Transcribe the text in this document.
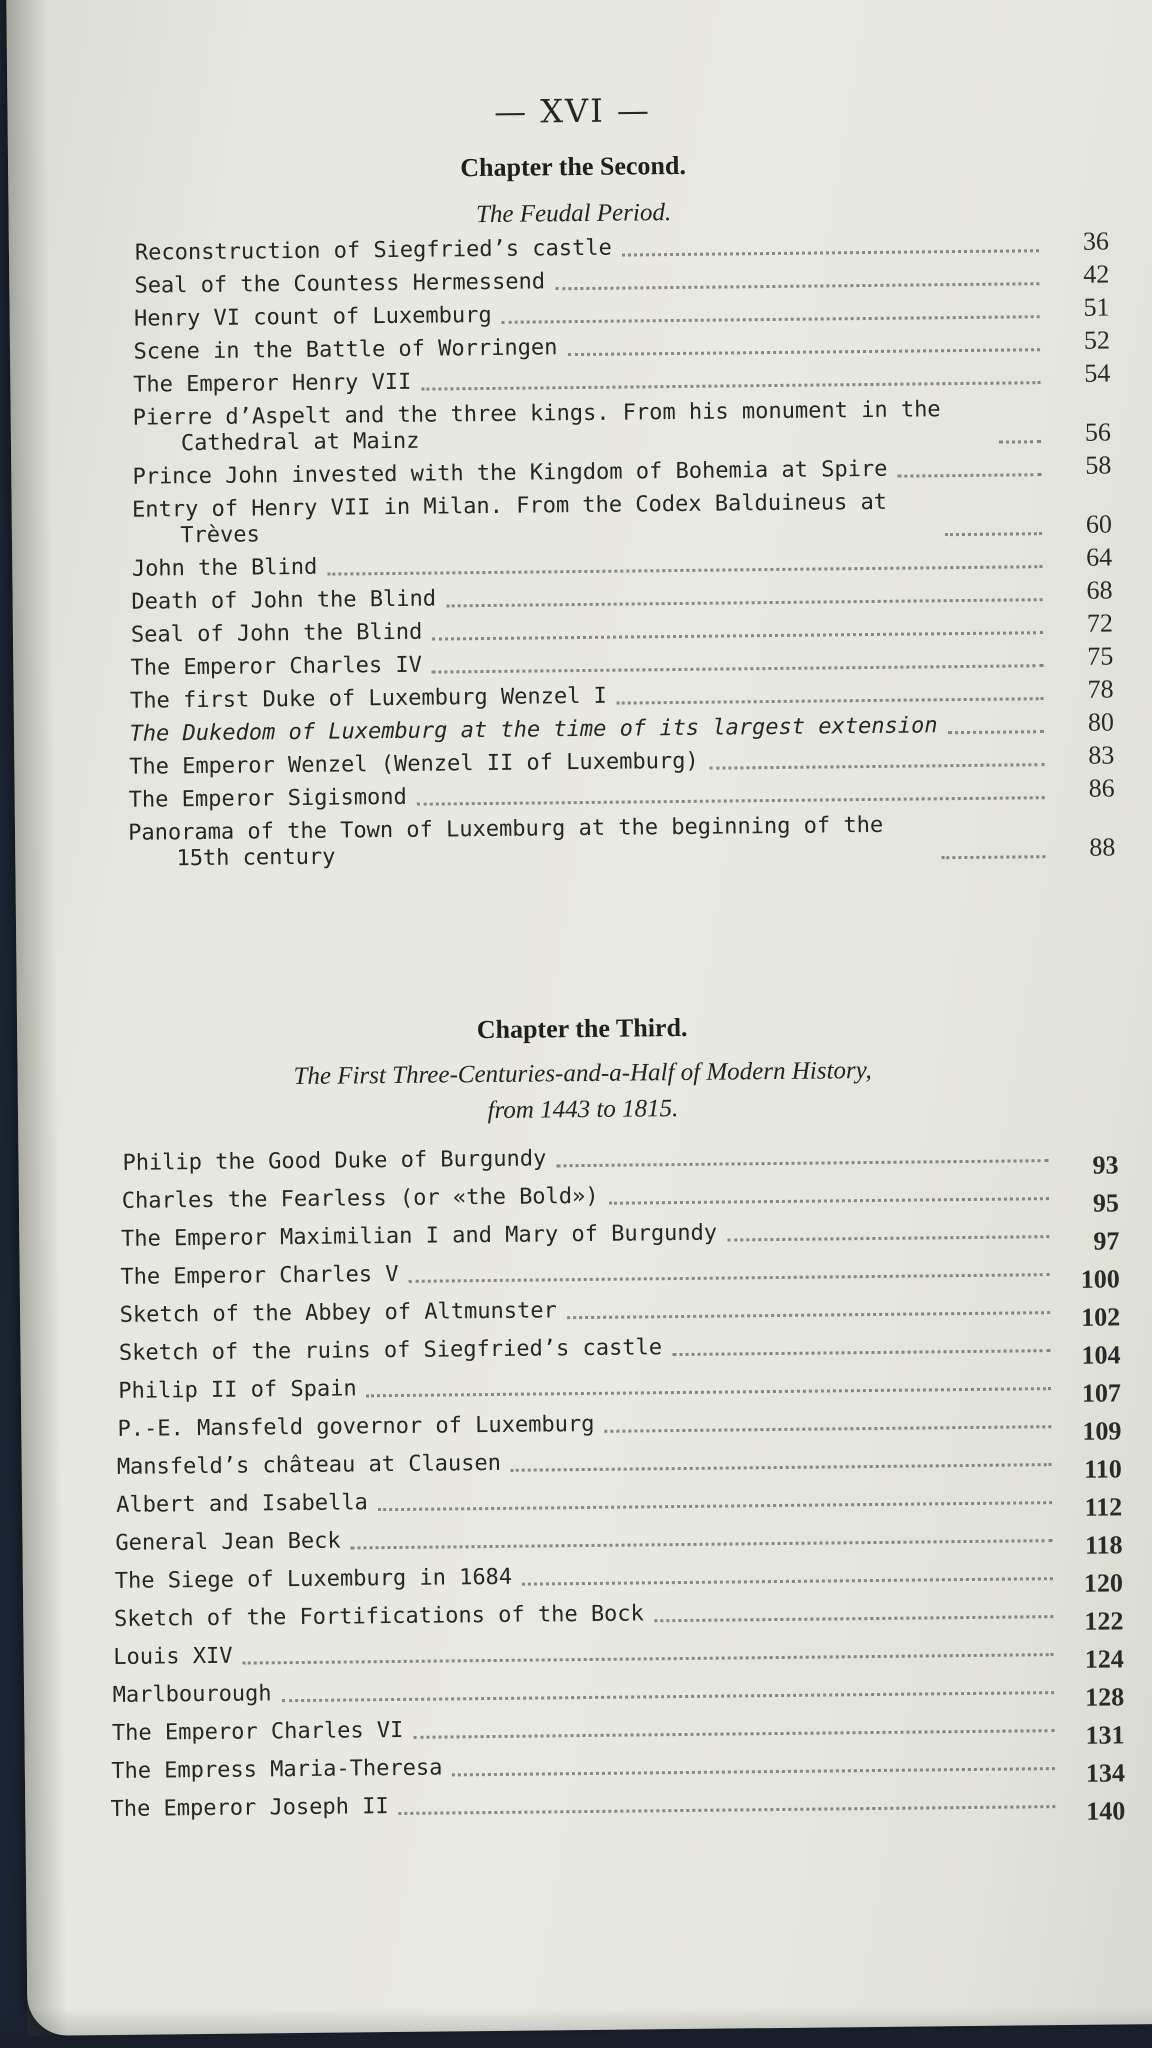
— XVI —
Chapter the Second.
The Feudal Period.
Reconstruction of Siegfried’s castle	36
Seal of the Countess Hermessend	42
Henry VI count of Luxemburg	51
Scene in the Battle of Worringen	52
The Emperor Henry VII	54
Pierre d’Aspelt and the three kings. From his monument in the
Cathedral at Mainz	56
Prince John invested with the Kingdom of Bohemia at Spire	58
Entry of Henry VII in Milan. From the Codex Balduineus at
Trèves	60
John the Blind	64
Death of John the Blind	68
Seal of John the Blind	72
The Emperor Charles IV	75
The first Duke of Luxemburg Wenzel I	78
The Dukedom of Luxemburg at the time of its largest extension	80
The Emperor Wenzel (Wenzel II of Luxemburg)	83
The Emperor Sigismond	86
Panorama of the Town of Luxemburg at the beginning of the
15th century	88
Chapter the Third.
The First Three-Centuries-and-a-Half of Modern History,
from 1443 to 1815.
Philip the Good Duke of Burgundy	93
Charles the Fearless (or «the Bold»)	95
The Emperor Maximilian I and Mary of Burgundy	97
The Emperor Charles V	100
Sketch of the Abbey of Altmunster	102
Sketch of the ruins of Siegfried’s castle	104
Philip II of Spain	107
P.-E. Mansfeld governor of Luxemburg	109
Mansfeld’s château at Clausen	110
Albert and Isabella	112
General Jean Beck	118
The Siege of Luxemburg in 1684	120
Sketch of the Fortifications of the Bock	122
Louis XIV	124
Marlbourough	128
The Emperor Charles VI	131
The Empress Maria-Theresa	134
The Emperor Joseph II	140
